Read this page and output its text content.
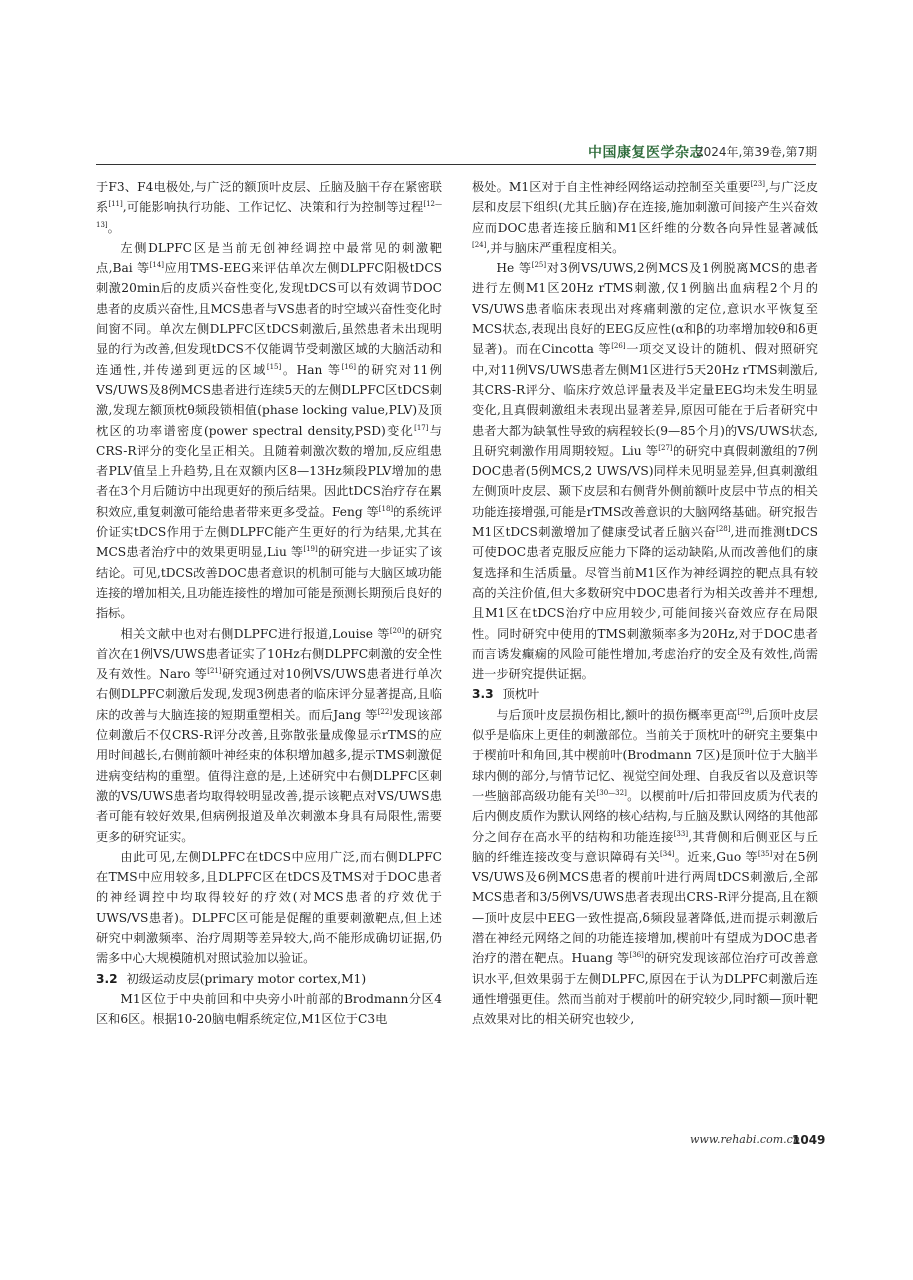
中国康复医学杂志
2024年,第39卷,第7期

于F3、F4电极处,与广泛的额顶叶皮层、丘脑及脑干存在紧密联系[11],可能影响执行功能、工作记忆、决策和行为控制等过程[12—13]。

左侧DLPFC区是当前无创神经调控中最常见的刺激靶点,Bai 等[14]应用TMS-EEG来评估单次左侧DLPFC阳极tDCS刺激20min后的皮质兴奋性变化,发现tDCS可以有效调节DOC患者的皮质兴奋性,且MCS患者与VS患者的时空域兴奋性变化时间窗不同。单次左侧DLPFC区tDCS刺激后,虽然患者未出现明显的行为改善,但发现tDCS不仅能调节受刺激区域的大脑活动和连通性,并传递到更远的区域[15]。Han 等[16]的研究对11例VS/UWS及8例MCS患者进行连续5天的左侧DLPFC区tDCS刺激,发现左额顶枕θ频段锁相值(phase locking value,PLV)及顶枕区的功率谱密度(power spectral density,PSD)变化[17]与CRS-R评分的变化呈正相关。且随着刺激次数的增加,反应组患者PLV值呈上升趋势,且在双额内区8—13Hz频段PLV增加的患者在3个月后随访中出现更好的预后结果。因此tDCS治疗存在累积效应,重复刺激可能给患者带来更多受益。Feng 等[18]的系统评价证实tDCS作用于左侧DLPFC能产生更好的行为结果,尤其在MCS患者治疗中的效果更明显,Liu 等[19]的研究进一步证实了该结论。可见,tDCS改善DOC患者意识的机制可能与大脑区域功能连接的增加相关,且功能连接性的增加可能是预测长期预后良好的指标。

相关文献中也对右侧DLPFC进行报道,Louise 等[20]的研究首次在1例VS/UWS患者证实了10Hz右侧DLPFC刺激的安全性及有效性。Naro 等[21]研究通过对10例VS/UWS患者进行单次右侧DLPFC刺激后发现,发现3例患者的临床评分显著提高,且临床的改善与大脑连接的短期重塑相关。而后Jang 等[22]发现该部位刺激后不仅CRS-R评分改善,且弥散张量成像显示rTMS的应用时间越长,右侧前额叶神经束的体积增加越多,提示TMS刺激促进病变结构的重塑。值得注意的是,上述研究中右侧DLPFC区刺激的VS/UWS患者均取得较明显改善,提示该靶点对VS/UWS患者可能有较好效果,但病例报道及单次刺激本身具有局限性,需要更多的研究证实。

由此可见,左侧DLPFC在tDCS中应用广泛,而右侧DLPFC在TMS中应用较多,且DLPFC区在tDCS及TMS对于DOC患者的神经调控中均取得较好的疗效(对MCS患者的疗效优于UWS/VS患者)。DLPFC区可能是促醒的重要刺激靶点,但上述研究中刺激频率、治疗周期等差异较大,尚不能形成确切证据,仍需多中心大规模随机对照试验加以验证。

3.2 初级运动皮层(primary motor cortex,M1)

M1区位于中央前回和中央旁小叶前部的Brodmann分区4区和6区。根据10-20脑电帽系统定位,M1区位于C3电

极处。M1区对于自主性神经网络运动控制至关重要[23],与广泛皮层和皮层下组织(尤其丘脑)存在连接,施加刺激可间接产生兴奋效应而DOC患者连接丘脑和M1区纤维的分数各向异性显著减低[24],并与脑床严重程度相关。

He 等[25]对3例VS/UWS,2例MCS及1例脱离MCS的患者进行左侧M1区20Hz rTMS刺激,仅1例脑出血病程2个月的VS/UWS患者临床表现出对疼痛刺激的定位,意识水平恢复至MCS状态,表现出良好的EEG反应性(α和β的功率增加较θ和δ更显著)。而在Cincotta 等[26]一项交叉设计的随机、假对照研究中,对11例VS/UWS患者左侧M1区进行5天20Hz rTMS刺激后,其CRS-R评分、临床疗效总评量表及半定量EEG均未发生明显变化,且真假刺激组未表现出显著差异,原因可能在于后者研究中患者大都为缺氧性导致的病程较长(9—85个月)的VS/UWS状态,且研究刺激作用周期较短。Liu 等[27]的研究中真假刺激组的7例DOC患者(5例MCS,2 UWS/VS)同样未见明显差异,但真刺激组左侧顶叶皮层、颞下皮层和右侧背外侧前额叶皮层中节点的相关功能连接增强,可能是rTMS改善意识的大脑网络基础。研究报告M1区tDCS刺激增加了健康受试者丘脑兴奋[28],进而推测tDCS可使DOC患者克服反应能力下降的运动缺陷,从而改善他们的康复选择和生活质量。尽管当前M1区作为神经调控的靶点具有较高的关注价值,但大多数研究中DOC患者行为相关改善并不理想,且M1区在tDCS治疗中应用较少,可能间接兴奋效应存在局限性。同时研究中使用的TMS刺激频率多为20Hz,对于DOC患者而言诱发癫痫的风险可能性增加,考虑治疗的安全及有效性,尚需进一步研究提供证据。

3.3 顶枕叶

与后顶叶皮层损伤相比,额叶的损伤概率更高[29],后顶叶皮层似乎是临床上更佳的刺激部位。当前关于顶枕叶的研究主要集中于楔前叶和角回,其中楔前叶(Brodmann 7区)是顶叶位于大脑半球内侧的部分,与情节记忆、视觉空间处理、自我反省以及意识等一些脑部高级功能有关[30—32]。以楔前叶/后扣带回皮质为代表的后内侧皮质作为默认网络的核心结构,与丘脑及默认网络的其他部分之间存在高水平的结构和功能连接[33],其背侧和后侧亚区与丘脑的纤维连接改变与意识障碍有关[34]。近来,Guo 等[35]对在5例VS/UWS及6例MCS患者的楔前叶进行两周tDCS刺激后,全部MCS患者和3/5例VS/UWS患者表现出CRS-R评分提高,且在额—顶叶皮层中EEG一致性提高,δ频段显著降低,进而提示刺激后潜在神经元网络之间的功能连接增加,楔前叶有望成为DOC患者治疗的潜在靶点。Huang 等[36]的研究发现该部位治疗可改善意识水平,但效果弱于左侧DLPFC,原因在于认为DLPFC刺激后连通性增强更佳。然而当前对于楔前叶的研究较少,同时额—顶叶靶点效果对比的相关研究也较少,

www.rehabi.com.cn
1049
